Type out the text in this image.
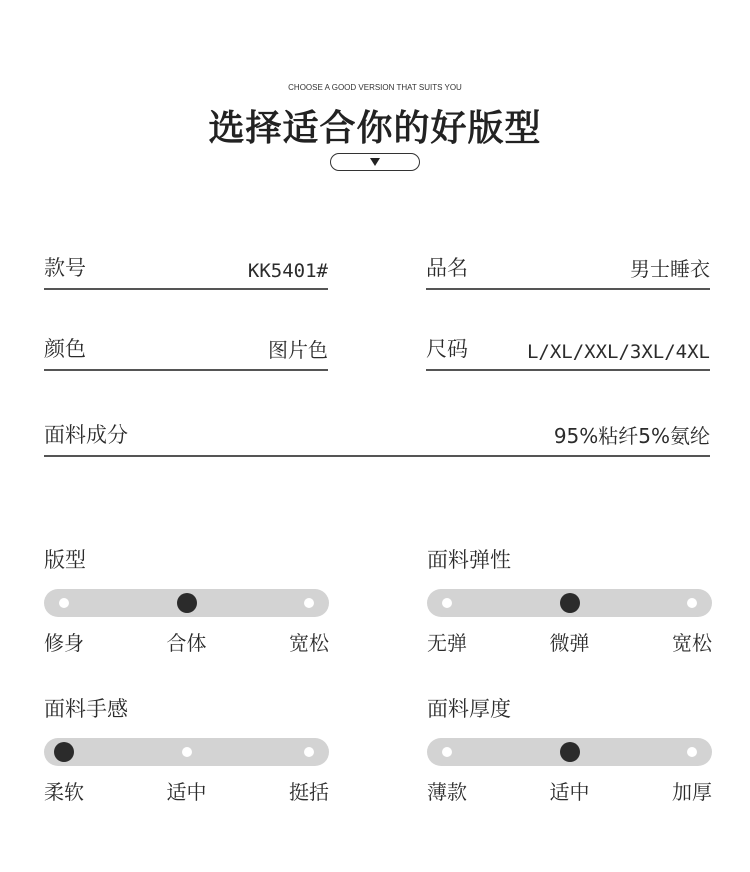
CHOOSE A GOOD VERSION THAT SUITS YOU
选择适合你的好版型
款号	KK5401#	品名	男士睡衣
颜色	图片色	尺码	L/XL/XXL/3XL/4XL
面料成分	95%粘纤5%氨纶
版型
修身	合体	宽松
面料弹性
无弹	微弹	宽松
面料手感
柔软	适中	挺括
面料厚度
薄款	适中	加厚
